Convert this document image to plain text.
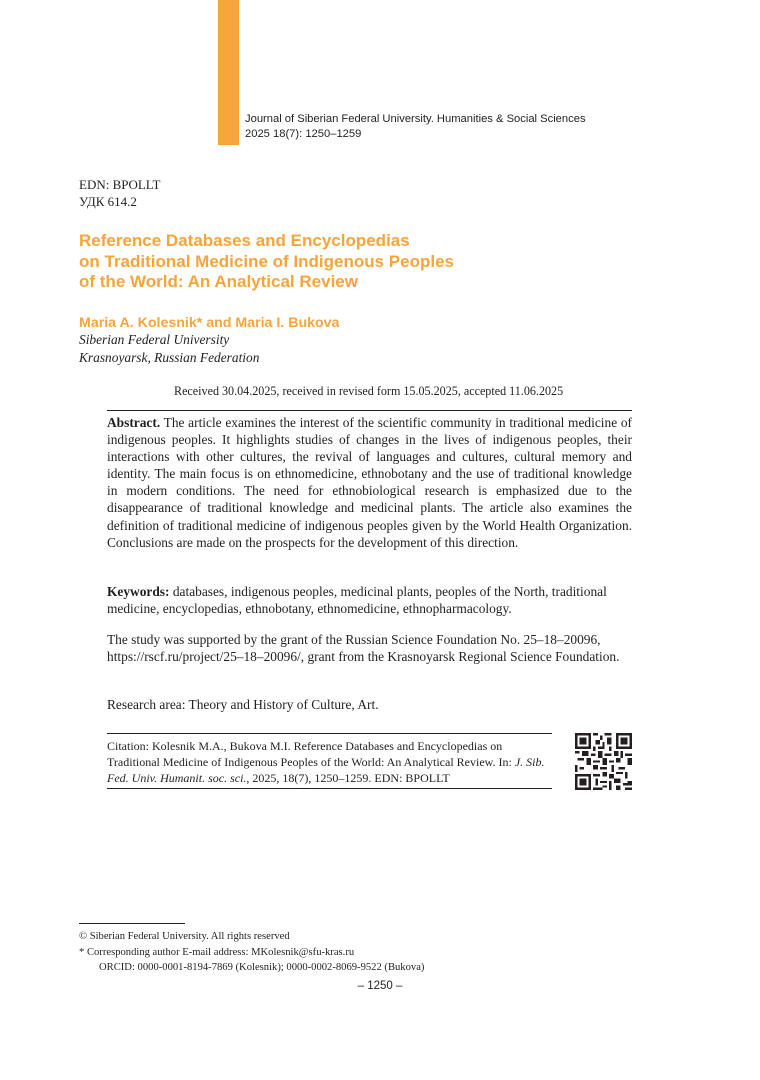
Journal of Siberian Federal University. Humanities & Social Sciences
2025 18(7): 1250–1259
EDN: BPOLLT
УДК 614.2
Reference Databases and Encyclopedias
on Traditional Medicine of Indigenous Peoples
of the World: An Analytical Review
Maria A. Kolesnik* and Maria I. Bukova
Siberian Federal University
Krasnoyarsk, Russian Federation
Received 30.04.2025, received in revised form 15.05.2025, accepted 11.06.2025

Abstract. The article examines the interest of the scientific community in traditional medicine of indigenous peoples. It highlights studies of changes in the lives of indigenous peoples, their interactions with other cultures, the revival of languages and cultures, cultural memory and identity. The main focus is on ethnomedicine, ethnobotany and the use of traditional knowledge in modern conditions. The need for ethnobiological research is emphasized due to the disappearance of traditional knowledge and medicinal plants. The article also examines the definition of traditional medicine of indigenous peoples given by the World Health Organization. Conclusions are made on the prospects for the development of this direction.

Keywords: databases, indigenous peoples, medicinal plants, peoples of the North, traditional medicine, encyclopedias, ethnobotany, ethnomedicine, ethnopharmacology.

The study was supported by the grant of the Russian Science Foundation No. 25–18–20096, https://rscf.ru/project/25–18–20096/, grant from the Krasnoyarsk Regional Science Foundation.

Research area: Theory and History of Culture, Art.

Citation: Kolesnik M.A., Bukova M.I. Reference Databases and Encyclopedias on Traditional Medicine of Indigenous Peoples of the World: An Analytical Review. In: J. Sib. Fed. Univ. Humanit. soc. sci., 2025, 18(7), 1250–1259. EDN: BPOLLT

© Siberian Federal University. All rights reserved
* Corresponding author E-mail address: MKolesnik@sfu-kras.ru
ORCID: 0000-0001-8194-7869 (Kolesnik); 0000-0002-8069-9522 (Bukova)
– 1250 –
